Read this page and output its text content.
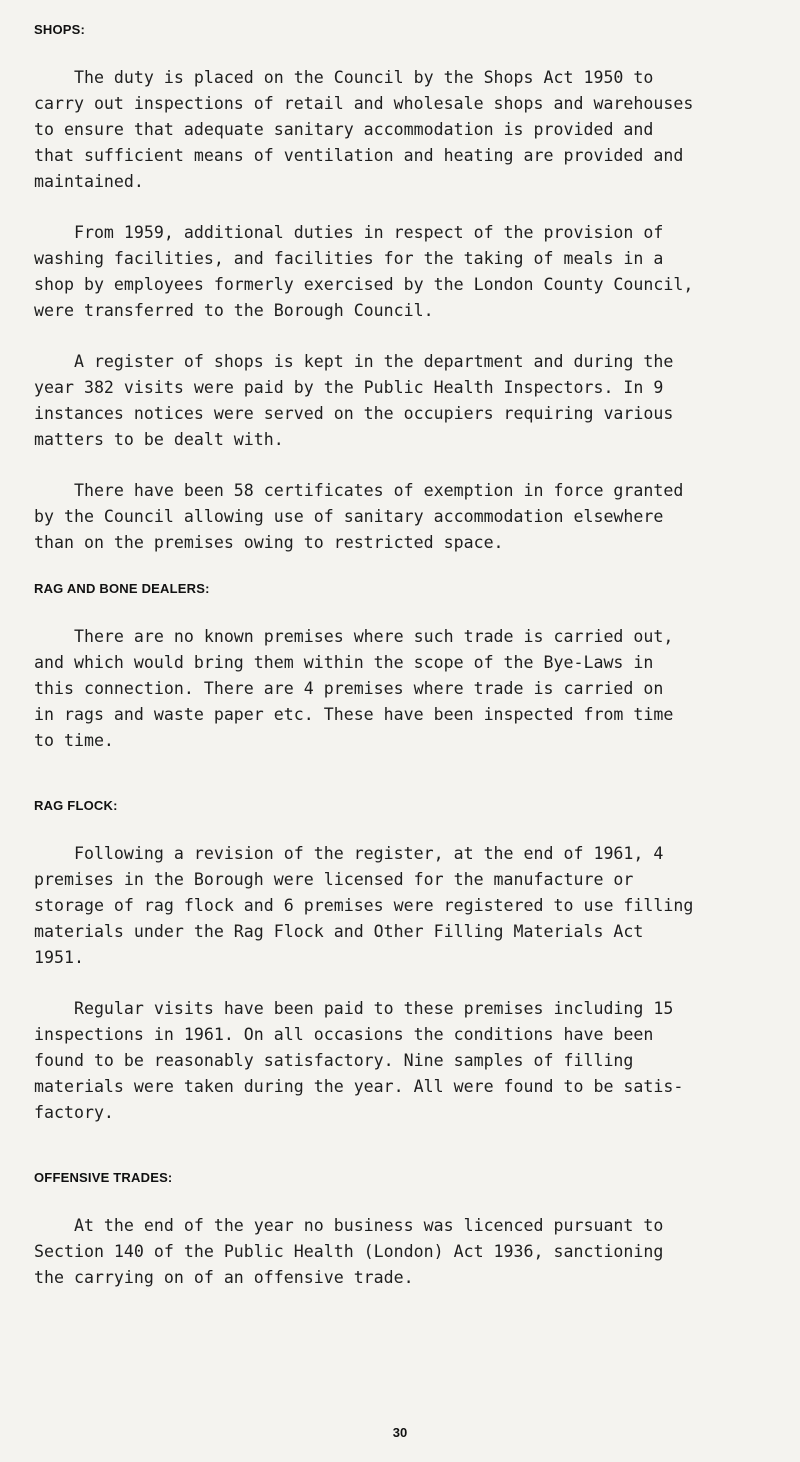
SHOPS:

The duty is placed on the Council by the Shops Act 1950 to
carry out inspections of retail and wholesale shops and warehouses
to ensure that adequate sanitary accommodation is provided and
that sufficient means of ventilation and heating are provided and
maintained.

From 1959, additional duties in respect of the provision of
washing facilities, and facilities for the taking of meals in a
shop by employees formerly exercised by the London County Council,
were transferred to the Borough Council.

A register of shops is kept in the department and during the
year 382 visits were paid by the Public Health Inspectors. In 9
instances notices were served on the occupiers requiring various
matters to be dealt with.

There have been 58 certificates of exemption in force granted
by the Council allowing use of sanitary accommodation elsewhere
than on the premises owing to restricted space.

RAG AND BONE DEALERS:

There are no known premises where such trade is carried out,
and which would bring them within the scope of the Bye-Laws in
this connection. There are 4 premises where trade is carried on
in rags and waste paper etc. These have been inspected from time
to time.

RAG FLOCK:

Following a revision of the register, at the end of 1961, 4
premises in the Borough were licensed for the manufacture or
storage of rag flock and 6 premises were registered to use filling
materials under the Rag Flock and Other Filling Materials Act
1951.

Regular visits have been paid to these premises including 15
inspections in 1961. On all occasions the conditions have been
found to be reasonably satisfactory. Nine samples of filling
materials were taken during the year. All were found to be satis-
factory.

OFFENSIVE TRADES:

At the end of the year no business was licenced pursuant to
Section 140 of the Public Health (London) Act 1936, sanctioning
the carrying on of an offensive trade.

30
